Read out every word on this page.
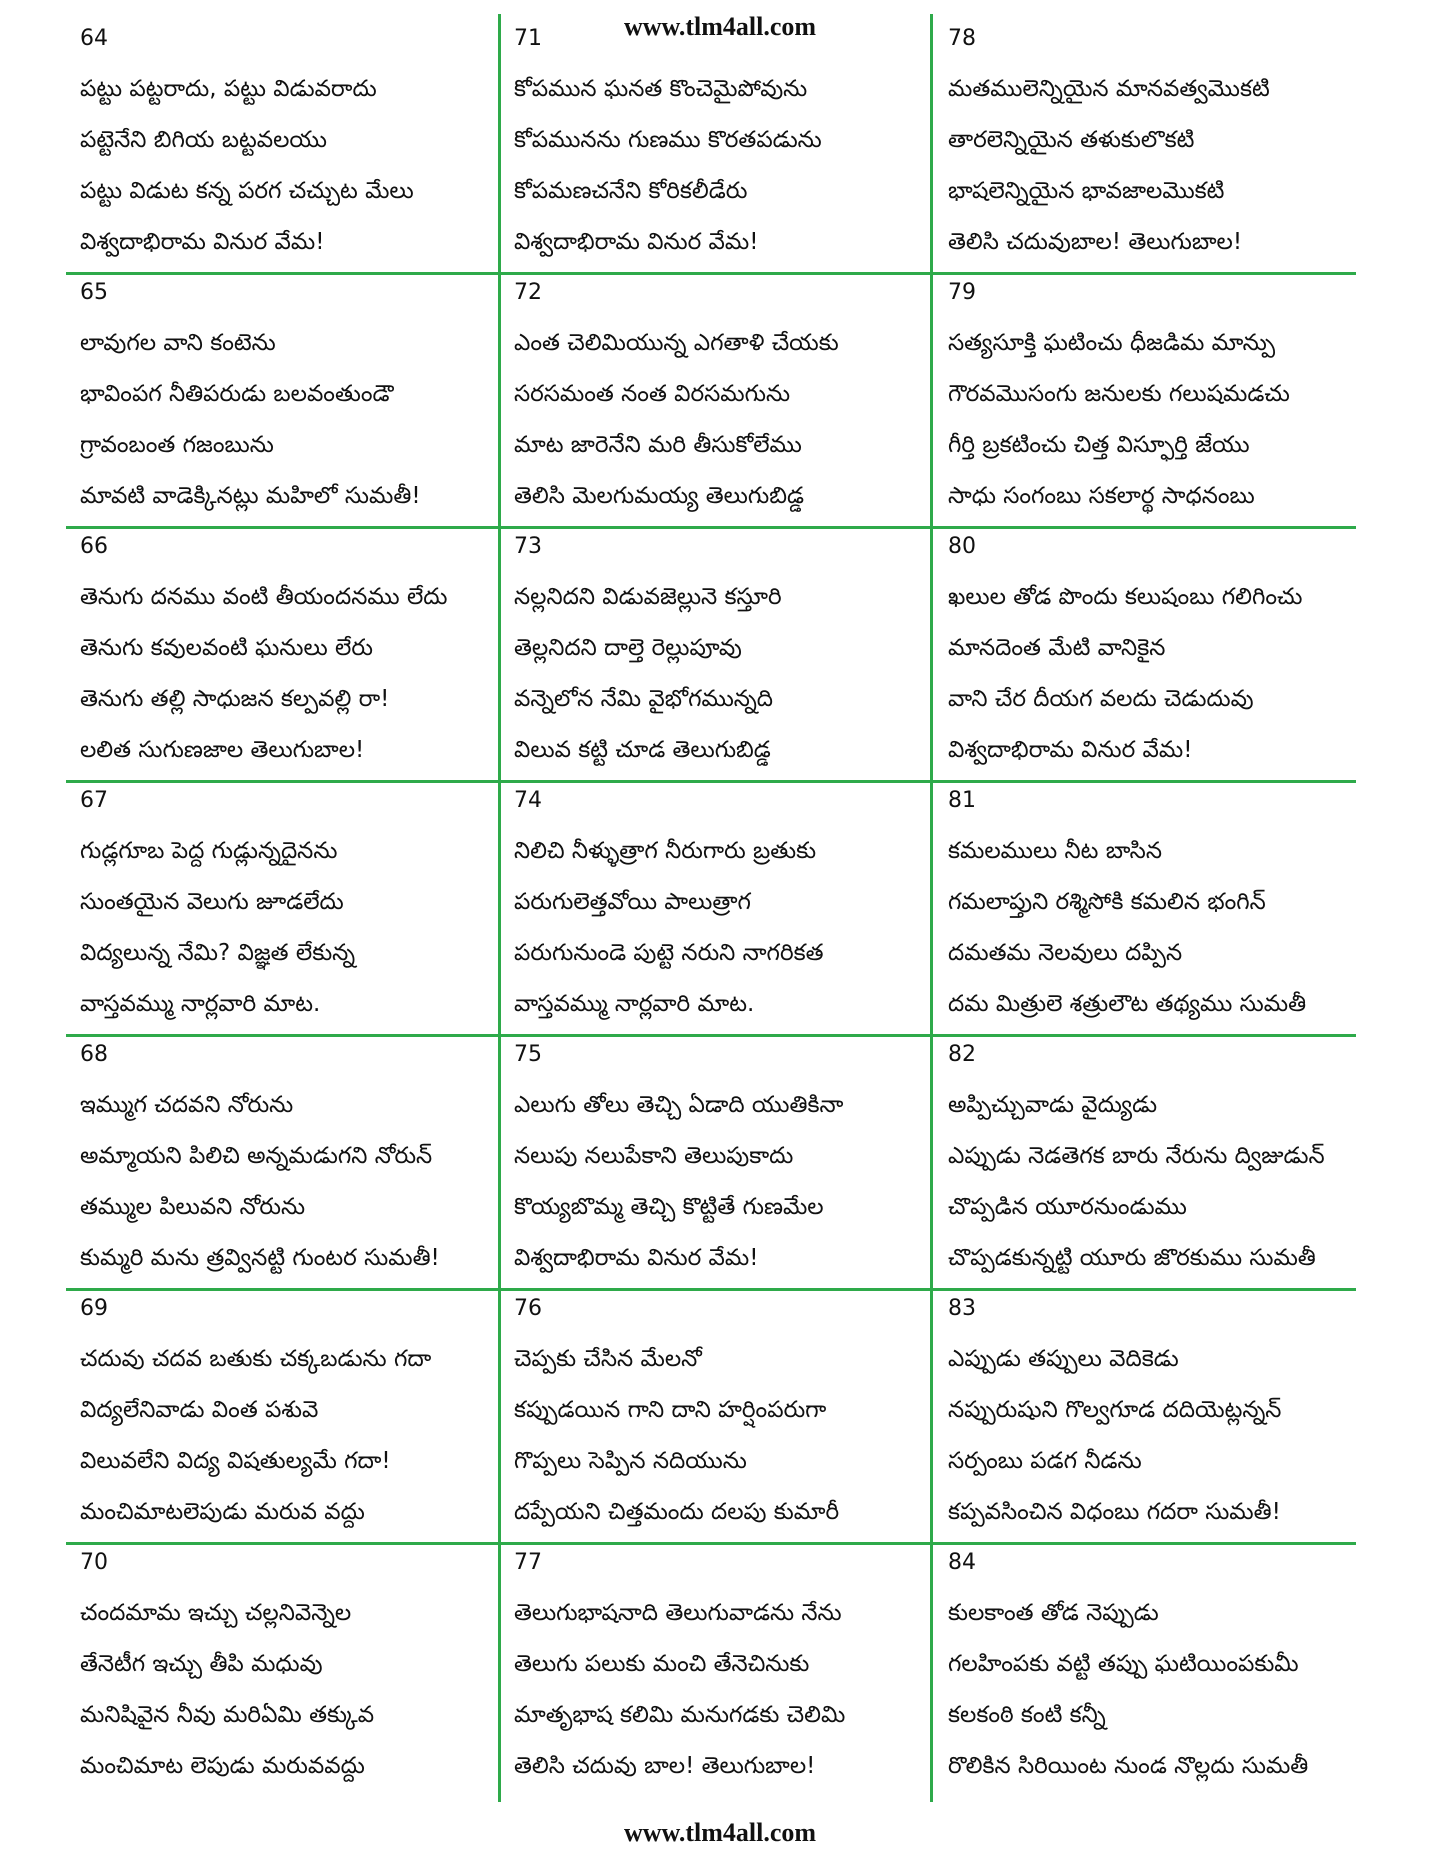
www.tlm4all.com
64
పట్టు పట్టరాదు, పట్టు విడువరాదు
పట్టెనేని బిగియ బట్టవలయు
పట్టు విడుట కన్న పరగ చచ్చుట మేలు
విశ్వదాభిరామ వినుర వేమ!
65
లావుగల వాని కంటెను
భావింపగ నీతిపరుడు బలవంతుండౌ
గ్రావంబంత గజంబును
మావటి వాడెక్కినట్లు మహిలో సుమతీ!
66
తెనుగు దనము వంటి తీయందనము లేదు
తెనుగు కవులవంటి ఘనులు లేరు
తెనుగు తల్లి సాధుజన కల్పవల్లి రా!
లలిత సుగుణజాల తెలుగుబాల!
67
గుడ్లగూబ పెద్ద గుడ్లున్నదైనను
సుంతయైన వెలుగు జూడలేదు
విద్యలున్న నేమి? విజ్ఞత లేకున్న
వాస్తవమ్ము నార్లవారి మాట.
68
ఇమ్ముగ చదవని నోరును
అమ్మాయని పిలిచి అన్నమడుగని నోరున్
తమ్ముల పిలువని నోరును
కుమ్మరి మను త్రవ్వినట్టి గుంటర సుమతీ!
69
చదువు చదవ బతుకు చక్కబడును గదా
విద్యలేనివాడు వింత పశువె
విలువలేని విద్య విషతుల్యమే గదా!
మంచిమాటలెపుడు మరువ వద్దు
70
చందమామ ఇచ్చు చల్లనివెన్నెల
తేనెటీగ ఇచ్చు తీపి మధువు
మనిషివైన నీవు మరిఏమి తక్కువ
మంచిమాట లెపుడు మరువవద్దు
71
కోపమున ఘనత కొంచెమైపోవును
కోపమునను గుణము కొరతపడును
కోపమణచనేని కోరికలీడేరు
విశ్వదాభిరామ వినుర వేమ!
72
ఎంత చెలిమియున్న ఎగతాళి చేయకు
సరసమంత నంత విరసమగును
మాట జారెనేని మరి తీసుకోలేము
తెలిసి మెలగుమయ్య తెలుగుబిడ్డ
73
నల్లనిదని విడువజెల్లునె కస్తూరి
తెల్లనిదని దాల్తె రెల్లుపూవు
వన్నెలోన నేమి వైభోగమున్నది
విలువ కట్టి చూడ తెలుగుబిడ్డ
74
నిలిచి నీళ్ళుత్రాగ నీరుగారు బ్రతుకు
పరుగులెత్తవోయి పాలుత్రాగ
పరుగునుండె పుట్టె నరుని నాగరికత
వాస్తవమ్ము నార్లవారి మాట.
75
ఎలుగు తోలు తెచ్చి ఏడాది యుతికినా
నలుపు నలుపేకాని తెలుపుకాదు
కొయ్యబొమ్మ తెచ్చి కొట్టితే గుణమేల
విశ్వదాభిరామ వినుర వేమ!
76
చెప్పకు చేసిన మేలనో
కప్పుడయిన గాని దాని హర్షింపరుగా
గొప్పలు సెప్పిన నదియును
దప్పేయని చిత్తమందు దలపు కుమారీ
77
తెలుగుభాషనాది తెలుగువాడను నేను
తెలుగు పలుకు మంచి తేనెచినుకు
మాతృభాష కలిమి మనుగడకు చెలిమి
తెలిసి చదువు బాల! తెలుగుబాల!
78
మతములెన్నియైన మానవత్వమొకటి
తారలెన్నియైన తళుకులొకటి
భాషలెన్నియైన భావజాలమొకటి
తెలిసి చదువుబాల! తెలుగుబాల!
79
సత్యసూక్తి ఘటించు ధీజడిమ మాన్పు
గౌరవమొసంగు జనులకు గలుషమడచు
గీర్తి బ్రకటించు చిత్త విస్ఫూర్తి జేయు
సాధు సంగంబు సకలార్థ సాధనంబు
80
ఖలుల తోడ పొందు కలుషంబు గలిగించు
మానదెంత మేటి వానికైన
వాని చేర దీయగ వలదు చెడుదువు
విశ్వదాభిరామ వినుర వేమ!
81
కమలములు నీట బాసిన
గమలాప్తుని రశ్మిసోకి కమలిన భంగిన్
దమతమ నెలవులు దప్పిన
దమ మిత్రులె శత్రులౌట తథ్యము సుమతీ
82
అప్పిచ్చువాడు వైద్యుడు
ఎప్పుడు నెడతెగక బారు నేరును ద్విజుడున్
చొప్పడిన యూరనుండుము
చొప్పడకున్నట్టి యూరు జొరకుము సుమతీ
83
ఎప్పుడు తప్పులు వెదికెడు
నప్పురుషుని గొల్వగూడ దదియెట్లన్నన్
సర్పంబు పడగ నీడను
కప్పవసించిన విధంబు గదరా సుమతీ!
84
కులకాంత తోడ నెప్పుడు
గలహింపకు వట్టి తప్పు ఘటియింపకుమీ
కలకంఠి కంటి కన్నీ
రొలికిన సిరియింట నుండ నొల్లదు సుమతీ
www.tlm4all.com
